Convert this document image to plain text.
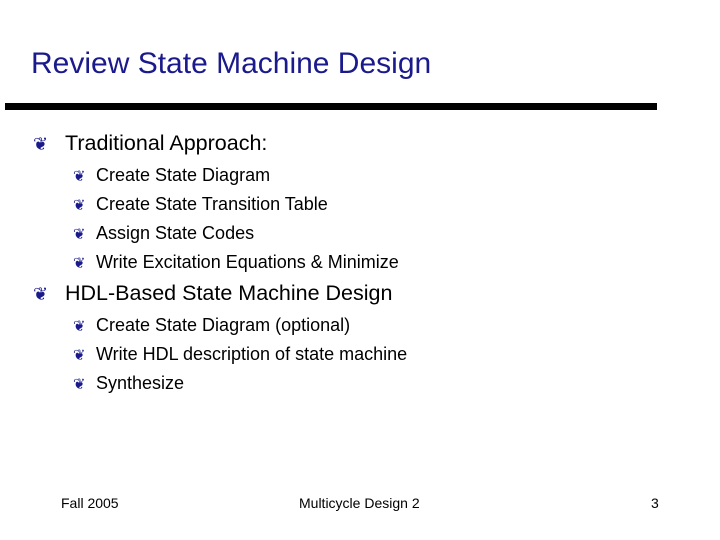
Review State Machine Design
❦ Traditional Approach:
❦ Create State Diagram
❦ Create State Transition Table
❦ Assign State Codes
❦ Write Excitation Equations & Minimize
❦ HDL-Based State Machine Design
❦ Create State Diagram (optional)
❦ Write HDL description of state machine
❦ Synthesize
Fall 2005	Multicycle Design 2	3
